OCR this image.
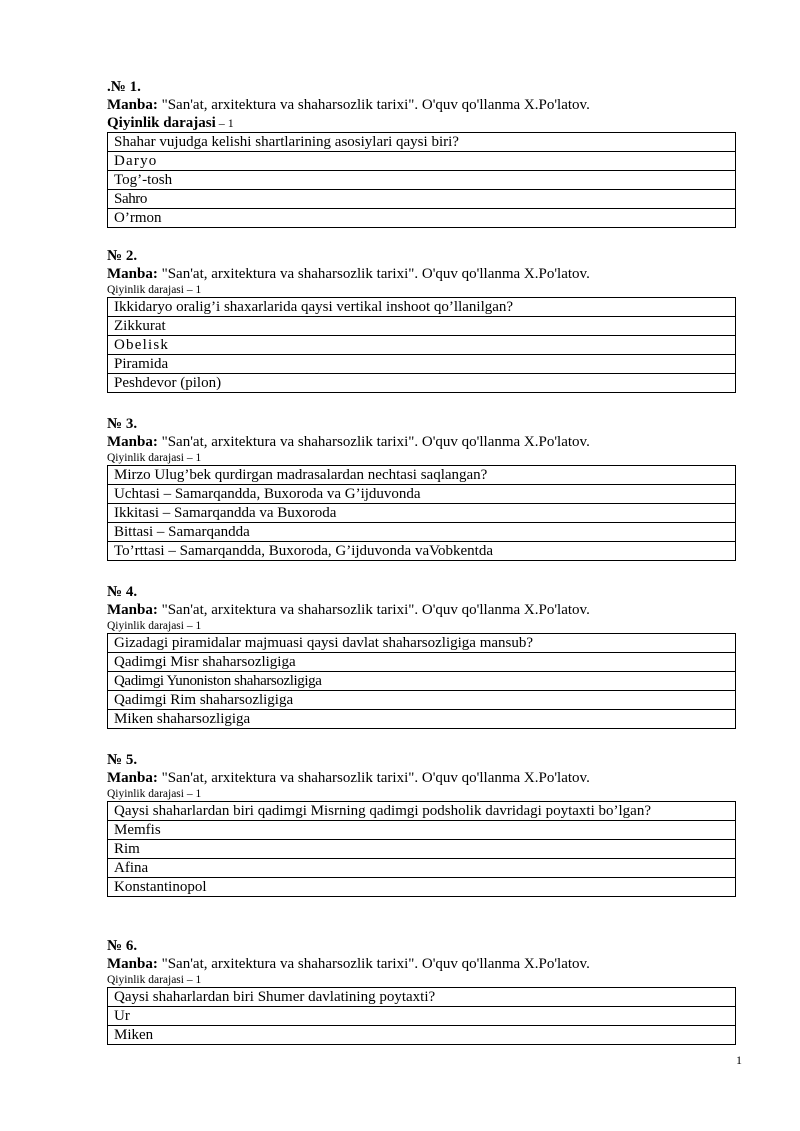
.№ 1.
Manba: "San'at, arxitektura va shaharsozlik tarixi". O'quv qo'llanma X.Po'latov.
Qiyinlik darajasi – 1
Shahar vujudga kelishi shartlarining asosiylari qaysi biri?
Daryo
Tog’-tosh
Sahro
O’rmon
№ 2.
Manba: "San'at, arxitektura va shaharsozlik tarixi". O'quv qo'llanma X.Po'latov.
Qiyinlik darajasi – 1
Ikkidaryo oralig’i shaxarlarida qaysi vertikal inshoot qo’llanilgan?
Zikkurat
Obelisk
Piramida
Peshdevor (pilon)
№ 3.
Manba: "San'at, arxitektura va shaharsozlik tarixi". O'quv qo'llanma X.Po'latov.
Qiyinlik darajasi – 1
Mirzo Ulug’bek qurdirgan madrasalardan nechtasi saqlangan?
Uchtasi – Samarqandda, Buxoroda va G’ijduvonda
Ikkitasi – Samarqandda va Buxoroda
Bittasi – Samarqandda
To’rttasi – Samarqandda, Buxoroda, G’ijduvonda vaVobkentda
№ 4.
Manba: "San'at, arxitektura va shaharsozlik tarixi". O'quv qo'llanma X.Po'latov.
Qiyinlik darajasi – 1
Gizadagi piramidalar majmuasi qaysi davlat shaharsozligiga mansub?
Qadimgi Misr shaharsozligiga
Qadimgi Yunoniston shaharsozligiga
Qadimgi Rim shaharsozligiga
Miken shaharsozligiga
№ 5.
Manba: "San'at, arxitektura va shaharsozlik tarixi". O'quv qo'llanma X.Po'latov.
Qiyinlik darajasi – 1
Qaysi shaharlardan biri qadimgi Misrning qadimgi podsholik davridagi poytaxti bo’lgan?
Memfis
Rim
Afina
Konstantinopol
№ 6.
Manba: "San'at, arxitektura va shaharsozlik tarixi". O'quv qo'llanma X.Po'latov.
Qiyinlik darajasi – 1
Qaysi shaharlardan biri Shumer davlatining poytaxti?
Ur
Miken
1
